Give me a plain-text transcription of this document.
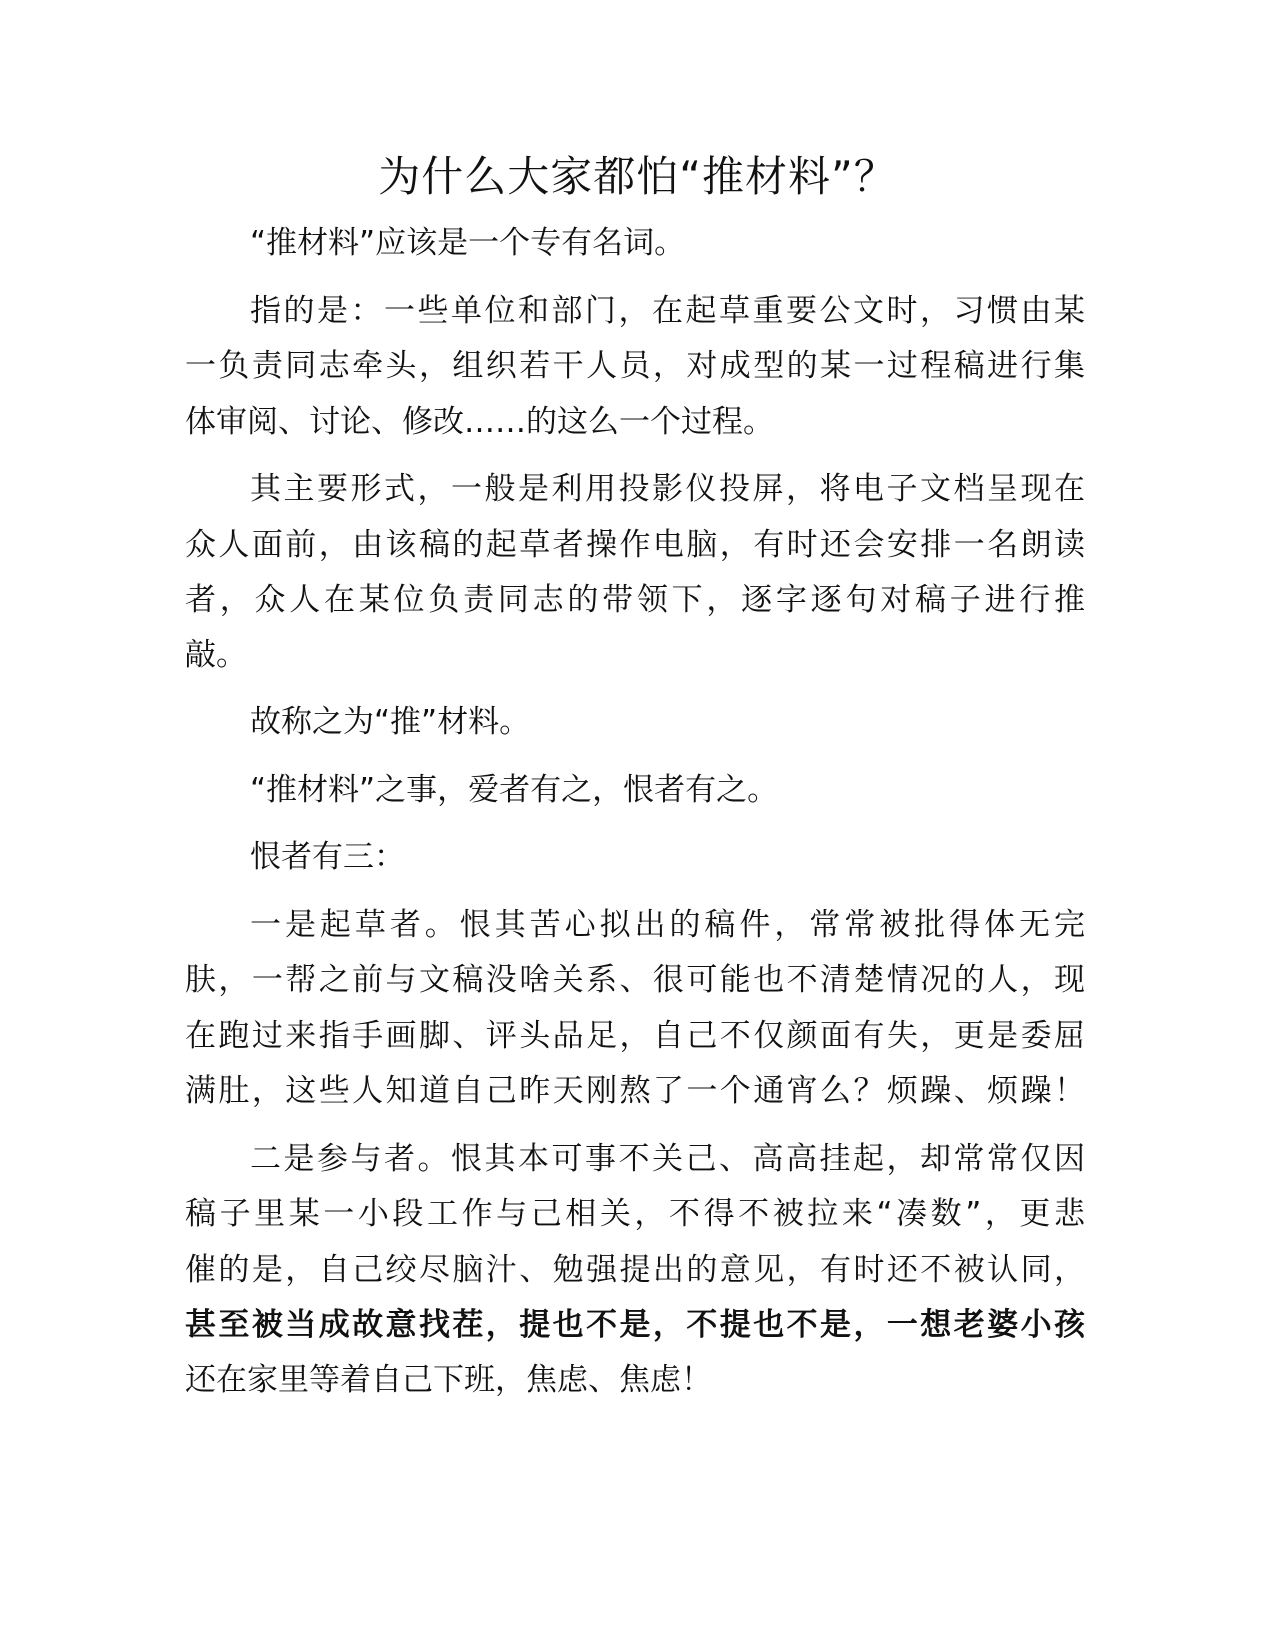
为什么大家都怕“推材料”？
“推材料”应该是一个专有名词。
指的是：一些单位和部门，在起草重要公文时，习惯由某
一负责同志牵头，组织若干人员，对成型的某一过程稿进行集
体审阅、讨论、修改……的这么一个过程。
其主要形式，一般是利用投影仪投屏，将电子文档呈现在
众人面前，由该稿的起草者操作电脑，有时还会安排一名朗读
者，众人在某位负责同志的带领下，逐字逐句对稿子进行推
敲。
故称之为“推”材料。
“推材料”之事，爱者有之，恨者有之。
恨者有三：
一是起草者。恨其苦心拟出的稿件，常常被批得体无完
肤，一帮之前与文稿没啥关系、很可能也不清楚情况的人，现
在跑过来指手画脚、评头品足，自己不仅颜面有失，更是委屈
满肚，这些人知道自己昨天刚熬了一个通宵么？烦躁、烦躁！
二是参与者。恨其本可事不关己、高高挂起，却常常仅因
稿子里某一小段工作与己相关，不得不被拉来“凑数”，更悲
催的是，自己绞尽脑汁、勉强提出的意见，有时还不被认同，
甚至被当成故意找茬，提也不是，不提也不是，一想老婆小孩
还在家里等着自己下班，焦虑、焦虑！
